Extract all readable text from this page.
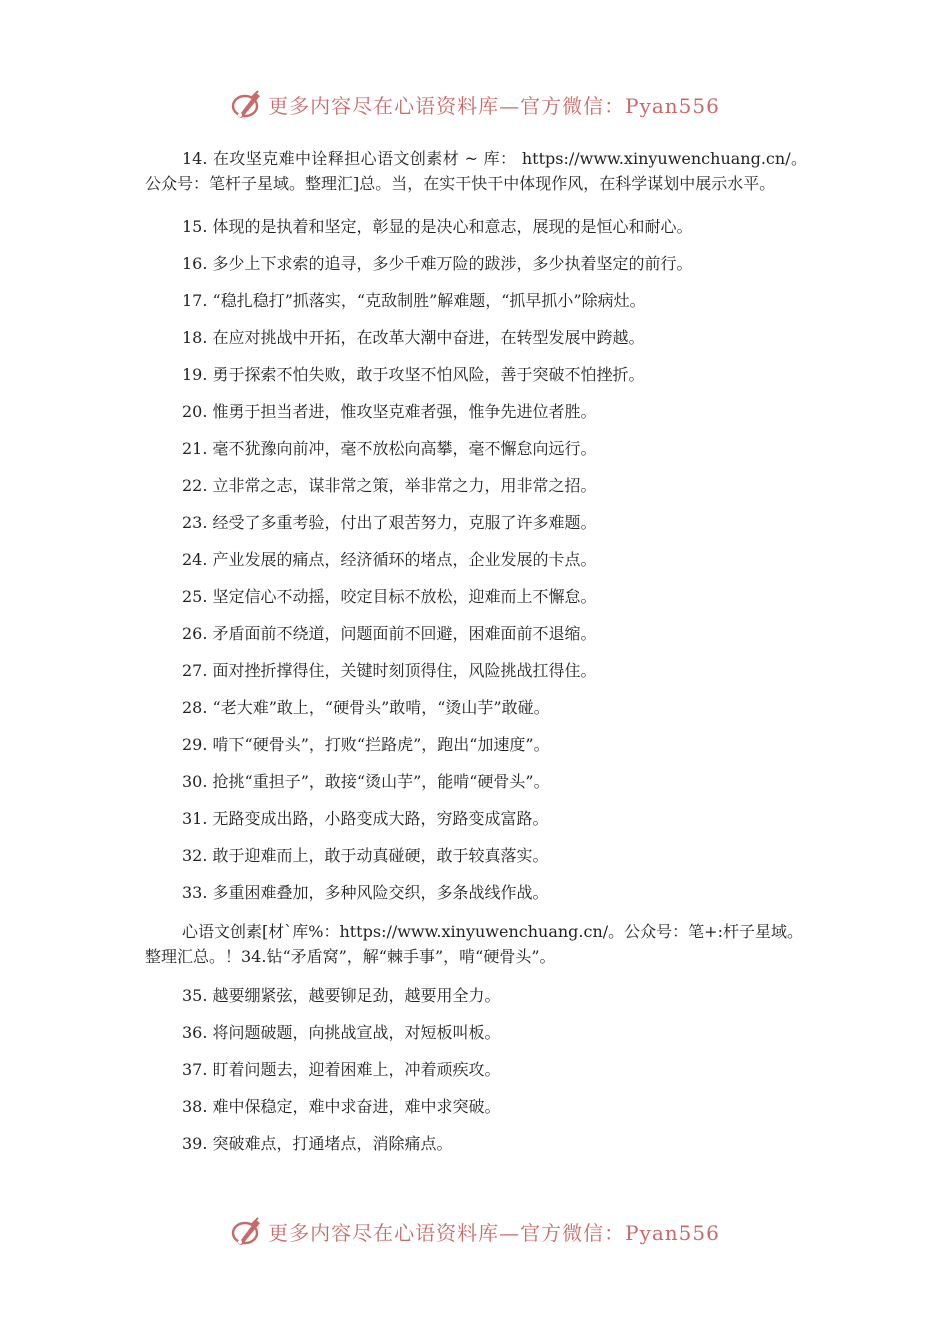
更多内容尽在心语资料库—官方微信：Pyan556

14. 在攻坚克难中诠释担心语文创素材 ~ 库： https://www.xinyuwenchuang.cn/。公众号：笔杆子星域。整理汇]总。当，在实干快干中体现作风，在科学谋划中展示水平。

15. 体现的是执着和坚定，彰显的是决心和意志，展现的是恒心和耐心。

16. 多少上下求索的追寻，多少千难万险的跋涉，多少执着坚定的前行。

17. “稳扎稳打”抓落实，“克敌制胜”解难题，“抓早抓小”除病灶。

18. 在应对挑战中开拓，在改革大潮中奋进，在转型发展中跨越。

19. 勇于探索不怕失败，敢于攻坚不怕风险，善于突破不怕挫折。

20. 惟勇于担当者进，惟攻坚克难者强，惟争先进位者胜。

21. 毫不犹豫向前冲，毫不放松向高攀，毫不懈怠向远行。

22. 立非常之志，谋非常之策，举非常之力，用非常之招。

23. 经受了多重考验，付出了艰苦努力，克服了许多难题。

24. 产业发展的痛点，经济循环的堵点，企业发展的卡点。

25. 坚定信心不动摇，咬定目标不放松，迎难而上不懈怠。

26. 矛盾面前不绕道，问题面前不回避，困难面前不退缩。

27. 面对挫折撑得住，关键时刻顶得住，风险挑战扛得住。

28. “老大难”敢上，“硬骨头”敢啃，“烫山芋”敢碰。

29. 啃下“硬骨头”，打败“拦路虎”，跑出“加速度”。

30. 抢挑“重担子”，敢接“烫山芋”，能啃“硬骨头”。

31. 无路变成出路，小路变成大路，穷路变成富路。

32. 敢于迎难而上，敢于动真碰硬，敢于较真落实。

33. 多重困难叠加，多种风险交织，多条战线作战。

心语文创素[材`库%：https://www.xinyuwenchuang.cn/。公众号：笔+:杆子星域。整理汇总。！34.钻“矛盾窝”，解“棘手事”，啃“硬骨头”。

35. 越要绷紧弦，越要铆足劲，越要用全力。

36. 将问题破题，向挑战宣战，对短板叫板。

37. 盯着问题去，迎着困难上，冲着顽疾攻。

38. 难中保稳定，难中求奋进，难中求突破。

39. 突破难点，打通堵点，消除痛点。

更多内容尽在心语资料库—官方微信：Pyan556
